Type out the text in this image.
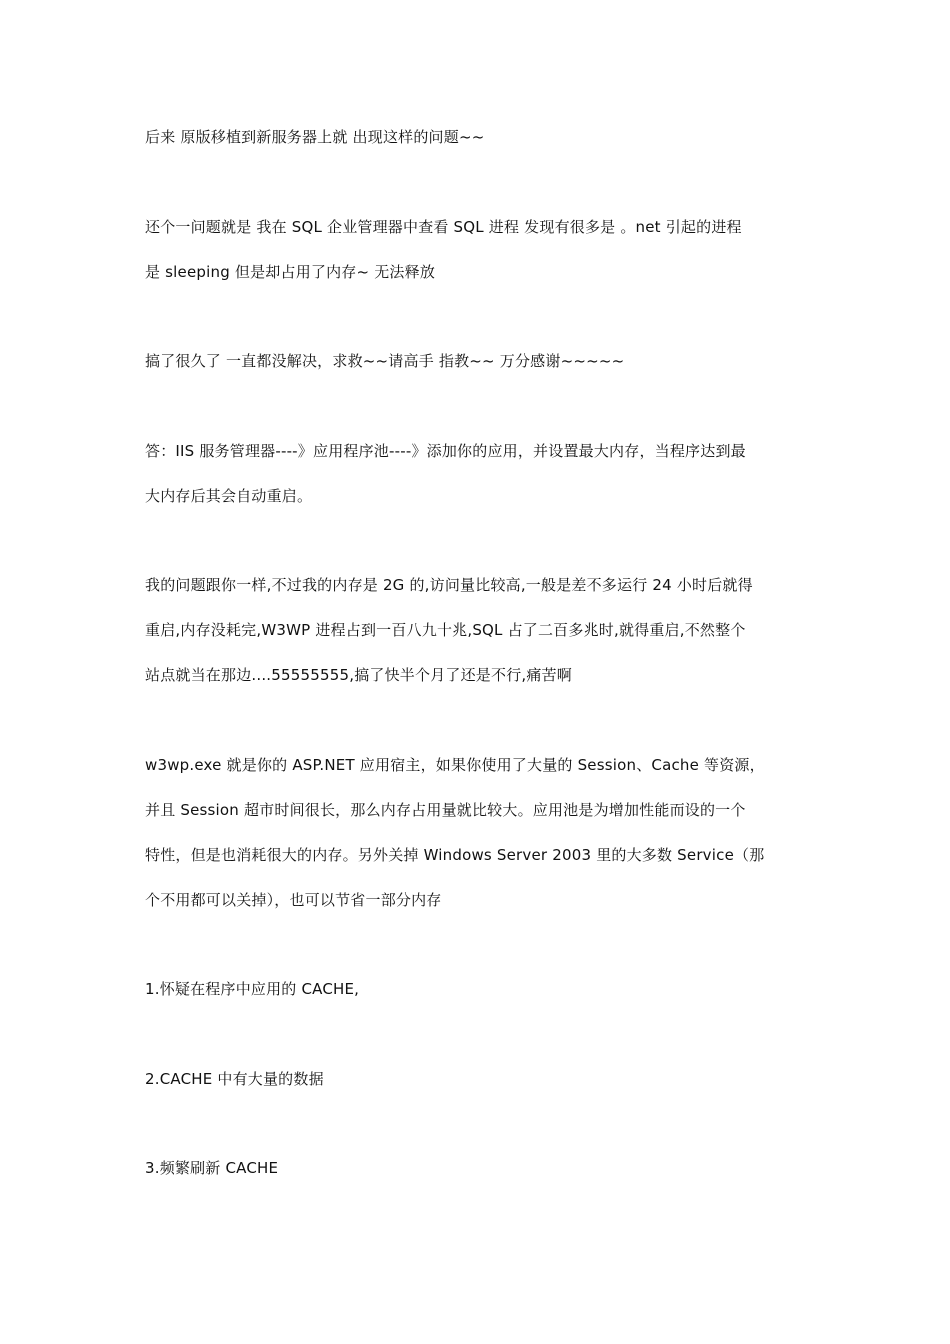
后来 原版移植到新服务器上就 出现这样的问题~~
还个一问题就是 我在 SQL 企业管理器中查看 SQL 进程 发现有很多是 。net 引起的进程
是 sleeping 但是却占用了内存~ 无法释放
搞了很久了 一直都没解决，求救~~请高手 指教~~ 万分感谢~~~~~
答：IIS 服务管理器----》应用程序池----》添加你的应用，并设置最大内存，当程序达到最
大内存后其会自动重启。
我的问题跟你一样,不过我的内存是 2G 的,访问量比较高,一般是差不多运行 24 小时后就得
重启,内存没耗完,W3WP 进程占到一百八九十兆,SQL 占了二百多兆时,就得重启,不然整个
站点就当在那边....55555555,搞了快半个月了还是不行,痛苦啊
w3wp.exe 就是你的 ASP.NET 应用宿主，如果你使用了大量的 Session、Cache 等资源，
并且 Session 超市时间很长，那么内存占用量就比较大。应用池是为增加性能而设的一个
特性，但是也消耗很大的内存。另外关掉 Windows Server 2003 里的大多数 Service（那
个不用都可以关掉），也可以节省一部分内存
1.怀疑在程序中应用的 CACHE,
2.CACHE 中有大量的数据
3.频繁刷新 CACHE
